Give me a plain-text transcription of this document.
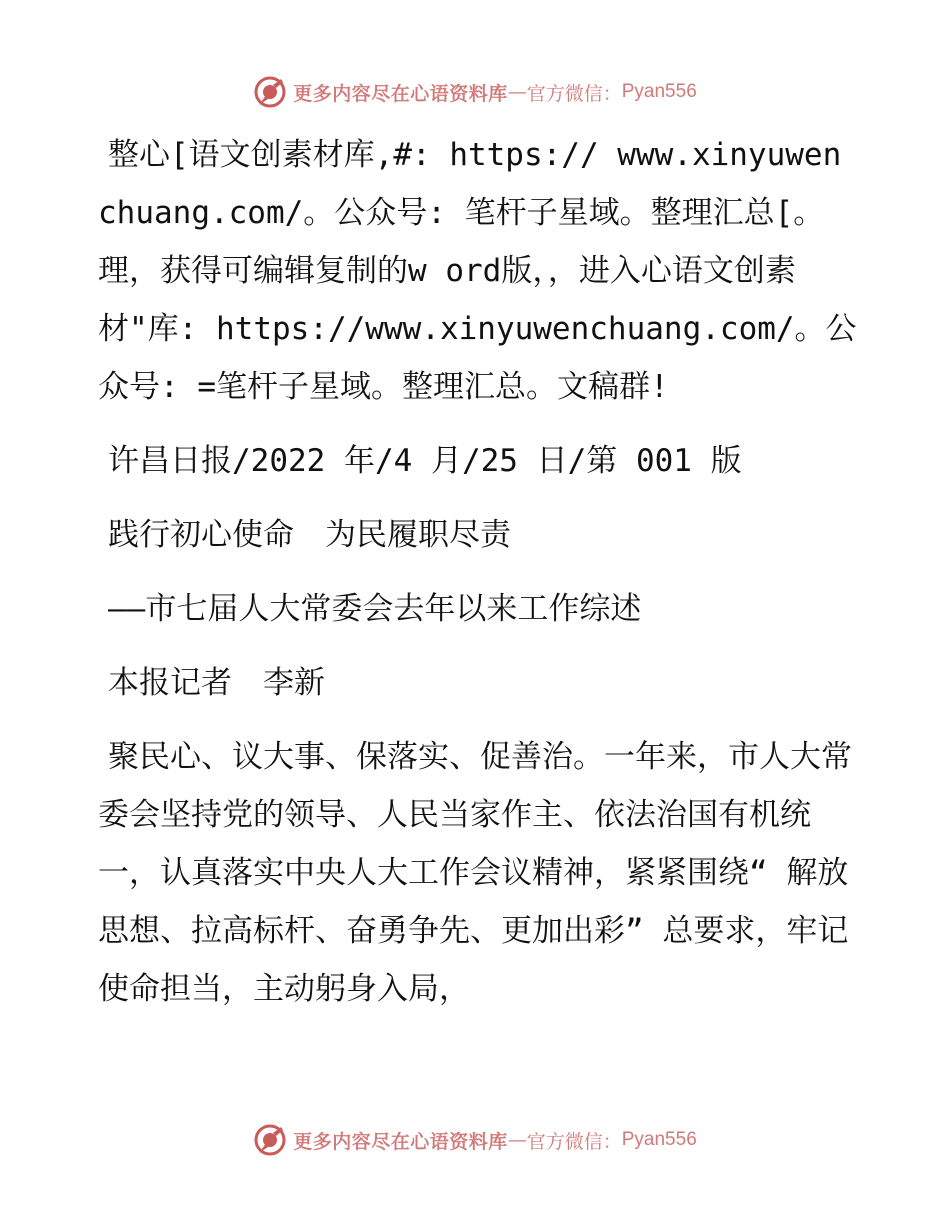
更多内容尽在心语资料库 — 官方微信： Pyan556

整心[语文创素材库,#: https:// www.xinyuwenchuang.com/。公众号: 笔杆子星域。整理汇总[。理，获得可编辑复制的w ord版，，进入心语文创素材"库: https://www.xinyuwenchuang.com/。公众号: =笔杆子星域。整理汇总。文稿群!

许昌日报/2022 年/4 月/25 日/第 001 版

践行初心使命　为民履职尽责

——市七届人大常委会去年以来工作综述

本报记者　李新

聚民心、议大事、保落实、促善治。一年来，市人大常委会坚持党的领导、人民当家作主、依法治国有机统一，认真落实中央人大工作会议精神，紧紧围绕“ 解放思想、拉高标杆、奋勇争先、更加出彩” 总要求，牢记使命担当，主动躬身入局，

更多内容尽在心语资料库 — 官方微信： Pyan556
